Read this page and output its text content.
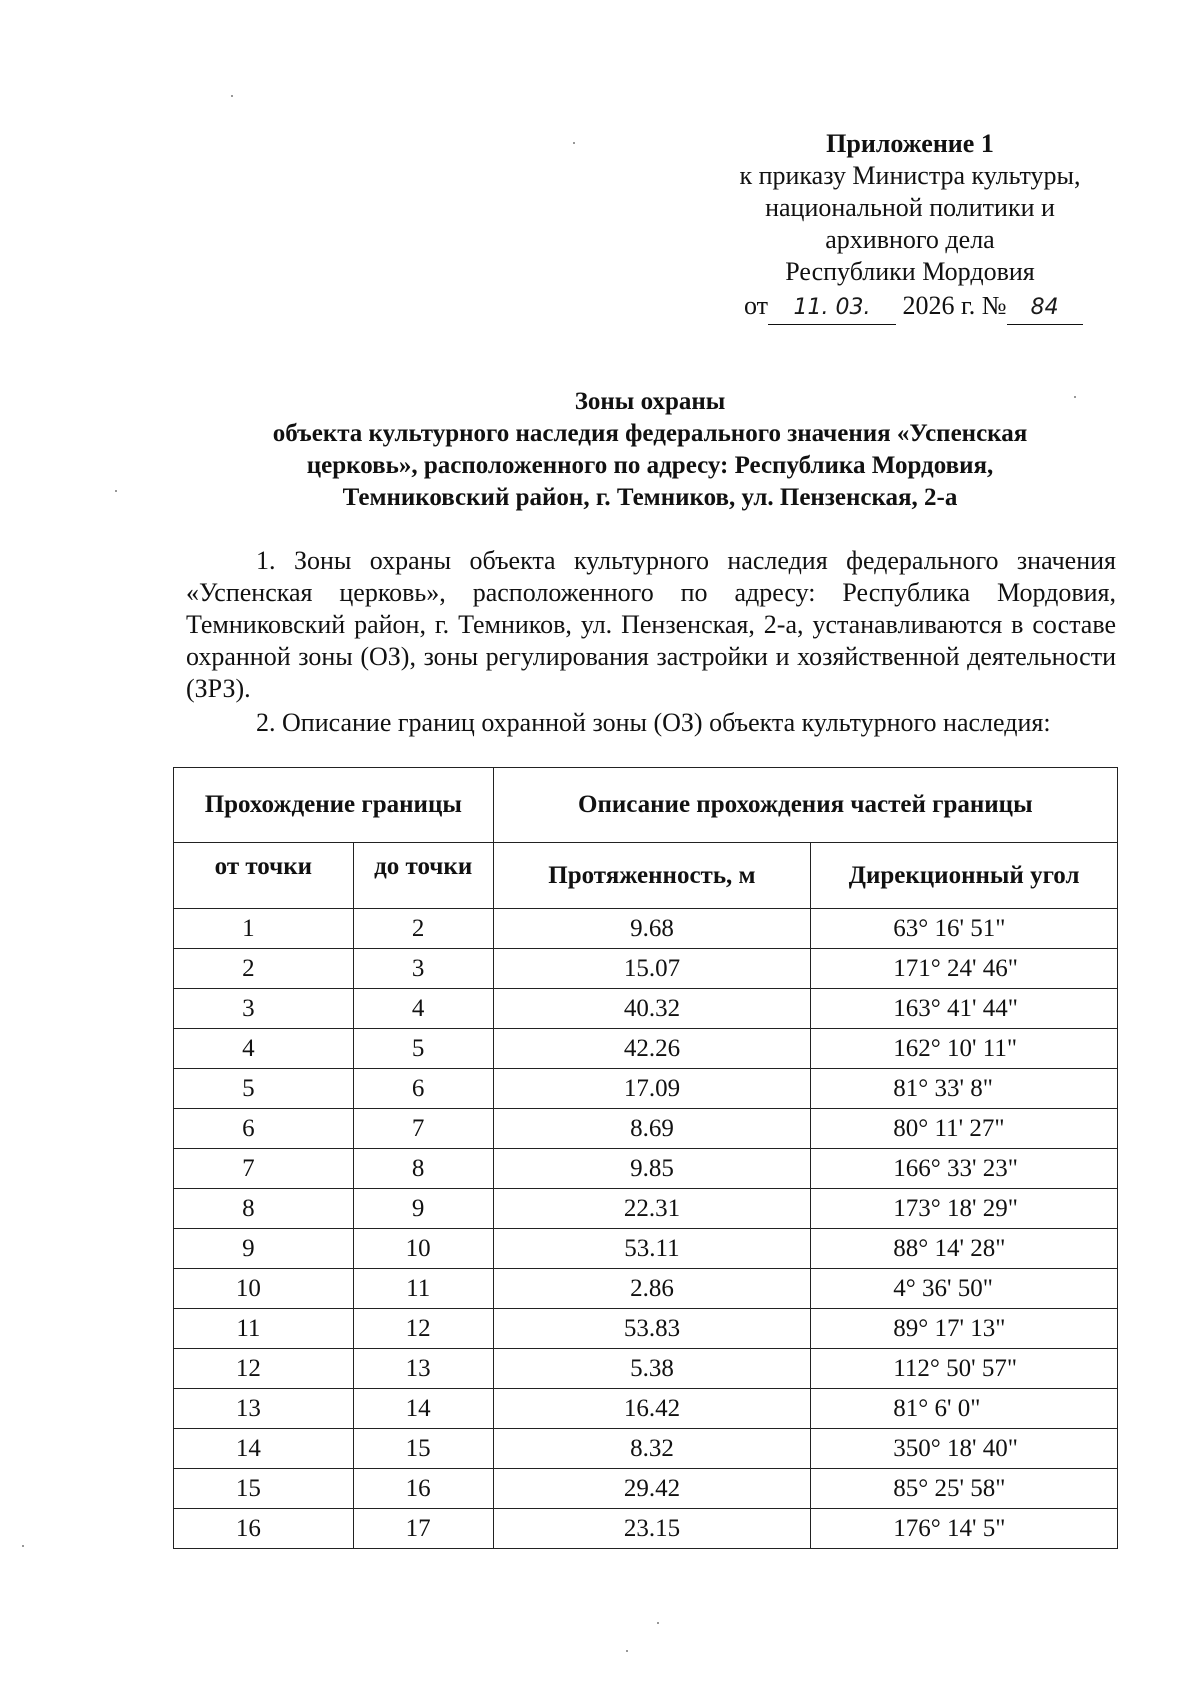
Приложение 1
к приказу Министра культуры,
национальной политики и
архивного дела
Республики Мордовия
от 11. 03. 2026 г. № 84
Зоны охраны
объекта культурного наследия федерального значения «Успенская
церковь», расположенного по адресу: Республика Мордовия,
Темниковский район, г. Темников, ул. Пензенская, 2-а

1. Зоны охраны объекта культурного наследия федерального значения «Успенская церковь», расположенного по адресу: Республика Мордовия, Темниковский район, г. Темников, ул. Пензенская, 2-а, устанавливаются в составе охранной зоны (ОЗ), зоны регулирования застройки и хозяйственной деятельности (ЗРЗ).

2. Описание границ охранной зоны (ОЗ) объекта культурного наследия:

Прохождение границы		Описание прохождения частей границы	
от точки	до точки	Протяженность, м	Дирекционный угол
1	2	9.68	63° 16' 51"
2	3	15.07	171° 24' 46"
3	4	40.32	163° 41' 44"
4	5	42.26	162° 10' 11"
5	6	17.09	81° 33' 8"
6	7	8.69	80° 11' 27"
7	8	9.85	166° 33' 23"
8	9	22.31	173° 18' 29"
9	10	53.11	88° 14' 28"
10	11	2.86	4° 36' 50"
11	12	53.83	89° 17' 13"
12	13	5.38	112° 50' 57"
13	14	16.42	81° 6' 0"
14	15	8.32	350° 18' 40"
15	16	29.42	85° 25' 58"
16	17	23.15	176° 14' 5"
